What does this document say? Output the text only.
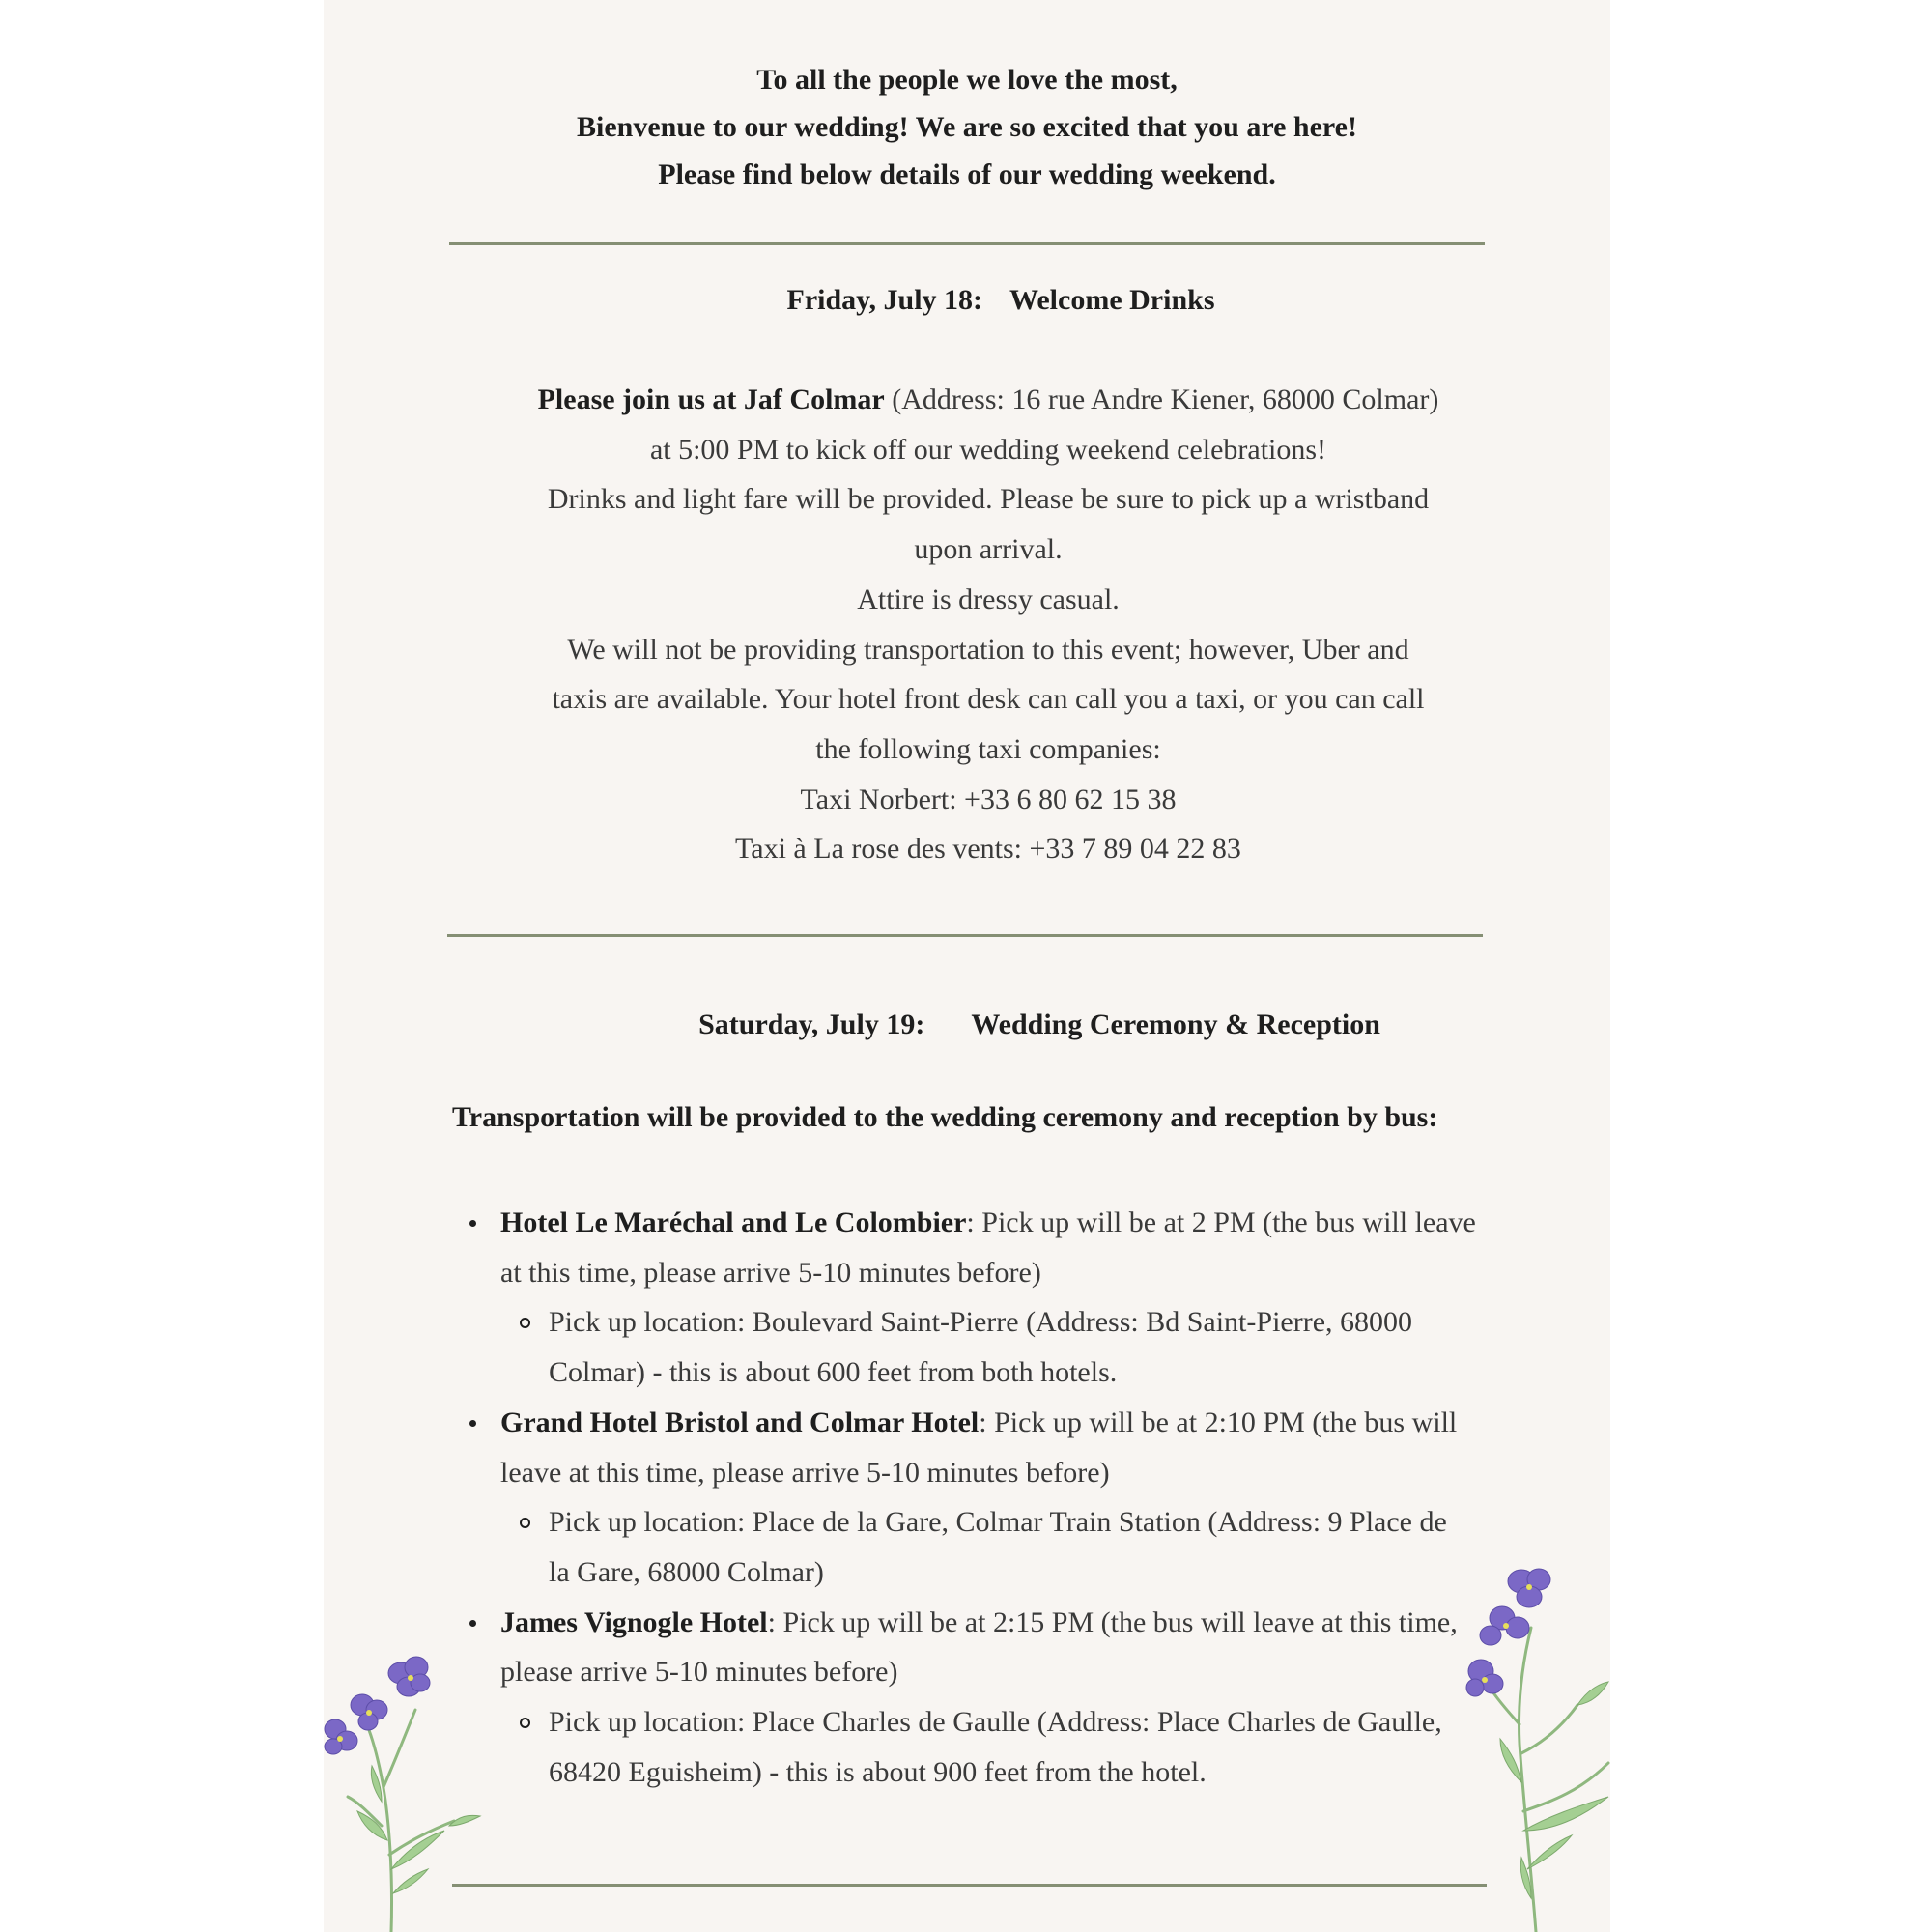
To all the people we love the most,
Bienvenue to our wedding! We are so excited that you are here!
Please find below details of our wedding weekend.
Friday, July 18: Welcome Drinks
Please join us at Jaf Colmar (Address: 16 rue Andre Kiener, 68000 Colmar)
at 5:00 PM to kick off our wedding weekend celebrations!
Drinks and light fare will be provided. Please be sure to pick up a wristband
upon arrival.
Attire is dressy casual.
We will not be providing transportation to this event; however, Uber and
taxis are available. Your hotel front desk can call you a taxi, or you can call
the following taxi companies:
Taxi Norbert: +33 6 80 62 15 38
Taxi à La rose des vents: +33 7 89 04 22 83
Saturday, July 19: Wedding Ceremony & Reception
Transportation will be provided to the wedding ceremony and reception by bus:
Hotel Le Maréchal and Le Colombier: Pick up will be at 2 PM (the bus will leave
at this time, please arrive 5-10 minutes before)
Pick up location: Boulevard Saint-Pierre (Address: Bd Saint-Pierre, 68000
Colmar) - this is about 600 feet from both hotels.
Grand Hotel Bristol and Colmar Hotel: Pick up will be at 2:10 PM (the bus will
leave at this time, please arrive 5-10 minutes before)
Pick up location: Place de la Gare, Colmar Train Station (Address: 9 Place de
la Gare, 68000 Colmar)
James Vignogle Hotel: Pick up will be at 2:15 PM (the bus will leave at this time,
please arrive 5-10 minutes before)
Pick up location: Place Charles de Gaulle (Address: Place Charles de Gaulle,
68420 Eguisheim) - this is about 900 feet from the hotel.
